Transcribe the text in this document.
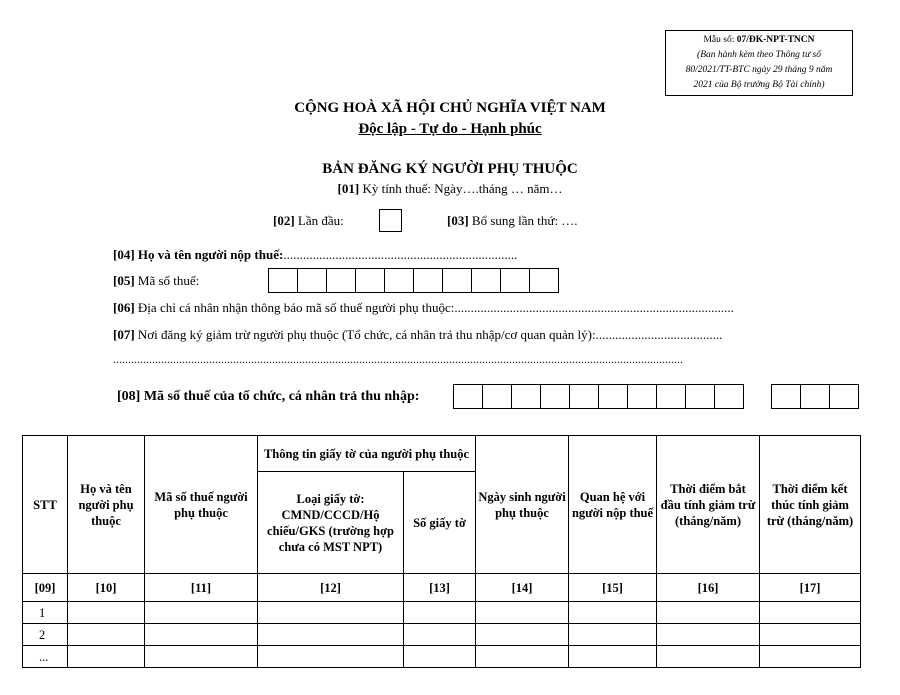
Mẫu số: 07/ĐK-NPT-TNCN
(Ban hành kèm theo Thông tư số
80/2021/TT-BTC ngày 29 tháng 9 năm
2021 của Bộ trưởng Bộ Tài chính)
CỘNG HOÀ XÃ HỘI CHỦ NGHĨA VIỆT NAM
Độc lập - Tự do - Hạnh phúc
BẢN ĐĂNG KÝ NGƯỜI PHỤ THUỘC
[01] Kỳ tính thuế: Ngày….tháng … năm…
[02] Lần đầu:	[03] Bổ sung lần thứ: ….
[04] Họ và tên người nộp thuế:........................................................................
[05] Mã số thuế:
[06] Địa chỉ cá nhân nhận thông báo mã số thuế người phụ thuộc:......................................................................................
[07] Nơi đăng ký giảm trừ người phụ thuộc (Tổ chức, cá nhân trả thu nhập/cơ quan quản lý):.......................................
..............................................................................................................................................................................................
[08] Mã số thuế của tổ chức, cá nhân trả thu nhập:
STT	Họ và tên người phụ thuộc	Mã số thuế người phụ thuộc	Thông tin giấy tờ của người phụ thuộc		Ngày sinh người phụ thuộc	Quan hệ với người nộp thuế	Thời điểm bắt đầu tính giảm trừ (tháng/năm)	Thời điểm kết thúc tính giảm trừ (tháng/năm)
			Loại giấy tờ: CMND/CCCD/Hộ chiếu/GKS (trường hợp chưa có MST NPT)	Số giấy tờ				
[09]	[10]	[11]	[12]	[13]	[14]	[15]	[16]	[17]
1								
2								
...								
